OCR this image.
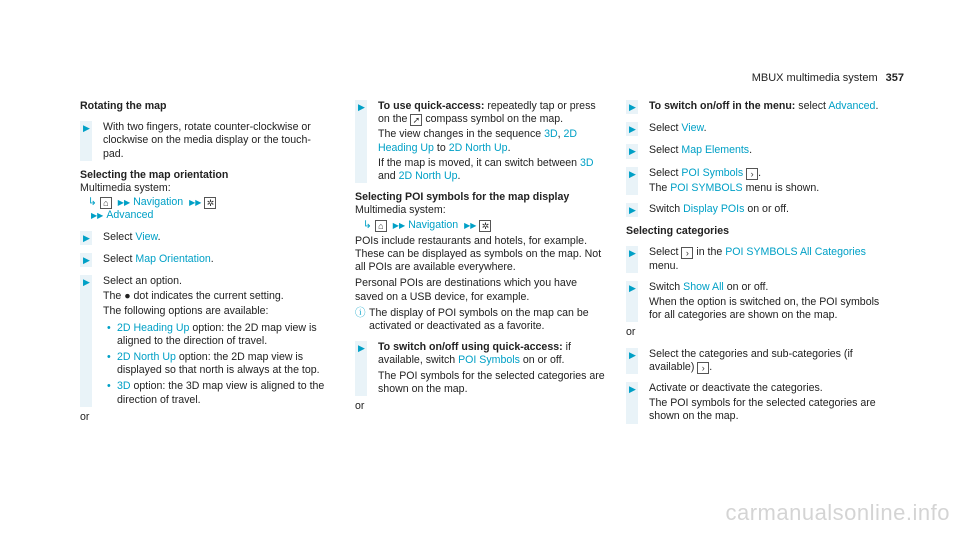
MBUX multimedia system 357

Rotating the map

▶	With two fingers, rotate counter-clockwise or clockwise on the media display or the touch-pad.

Selecting the map orientation

Multimedia system:
↳ ⌂ ▶▶ Navigation ▶▶ ✲
▶▶ Advanced
▶	Select View.

▶	Select Map Orientation.

▶	Select an option.

The ● dot indicates the current setting.

The following options are available:

• 2D Heading Up option: the 2D map view is aligned to the direction of travel.
• 2D North Up option: the 2D map view is displayed so that north is always at the top.
• 3D option: the 3D map view is aligned to the direction of travel.
or
▶	To use quick-access: repeatedly tap or press on the ➚ compass symbol on the map.

The view changes in the sequence 3D, 2D Heading Up to 2D North Up.

If the map is moved, it can switch between 3D and 2D North Up.

Selecting POI symbols for the map display

Multimedia system:
↳ ⌂ ▶▶ Navigation ▶▶ ✲

POIs include restaurants and hotels, for example. These can be displayed as symbols on the map. Not all POIs are available everywhere.

Personal POIs are destinations which you have saved on a USB device, for example.

ⓘ The display of POI symbols on the map can be activated or deactivated as a favorite.
▶	To switch on/off using quick-access: if available, switch POI Symbols on or off.

The POI symbols for the selected categories are shown on the map.

or
▶	To switch on/off in the menu: select Advanced.

▶	Select View.

▶	Select Map Elements.

▶	Select POI Symbols › .

The POI SYMBOLS menu is shown.

▶	Switch Display POIs on or off.

Selecting categories

▶	Select › in the POI SYMBOLS All Categories menu.

▶	Switch Show All on or off.

When the option is switched on, the POI symbols for all categories are shown on the map.

or
▶	Select the categories and sub-categories (if available) › .

▶	Activate or deactivate the categories.

The POI symbols for the selected categories are shown on the map.

carmanualsonline.info
